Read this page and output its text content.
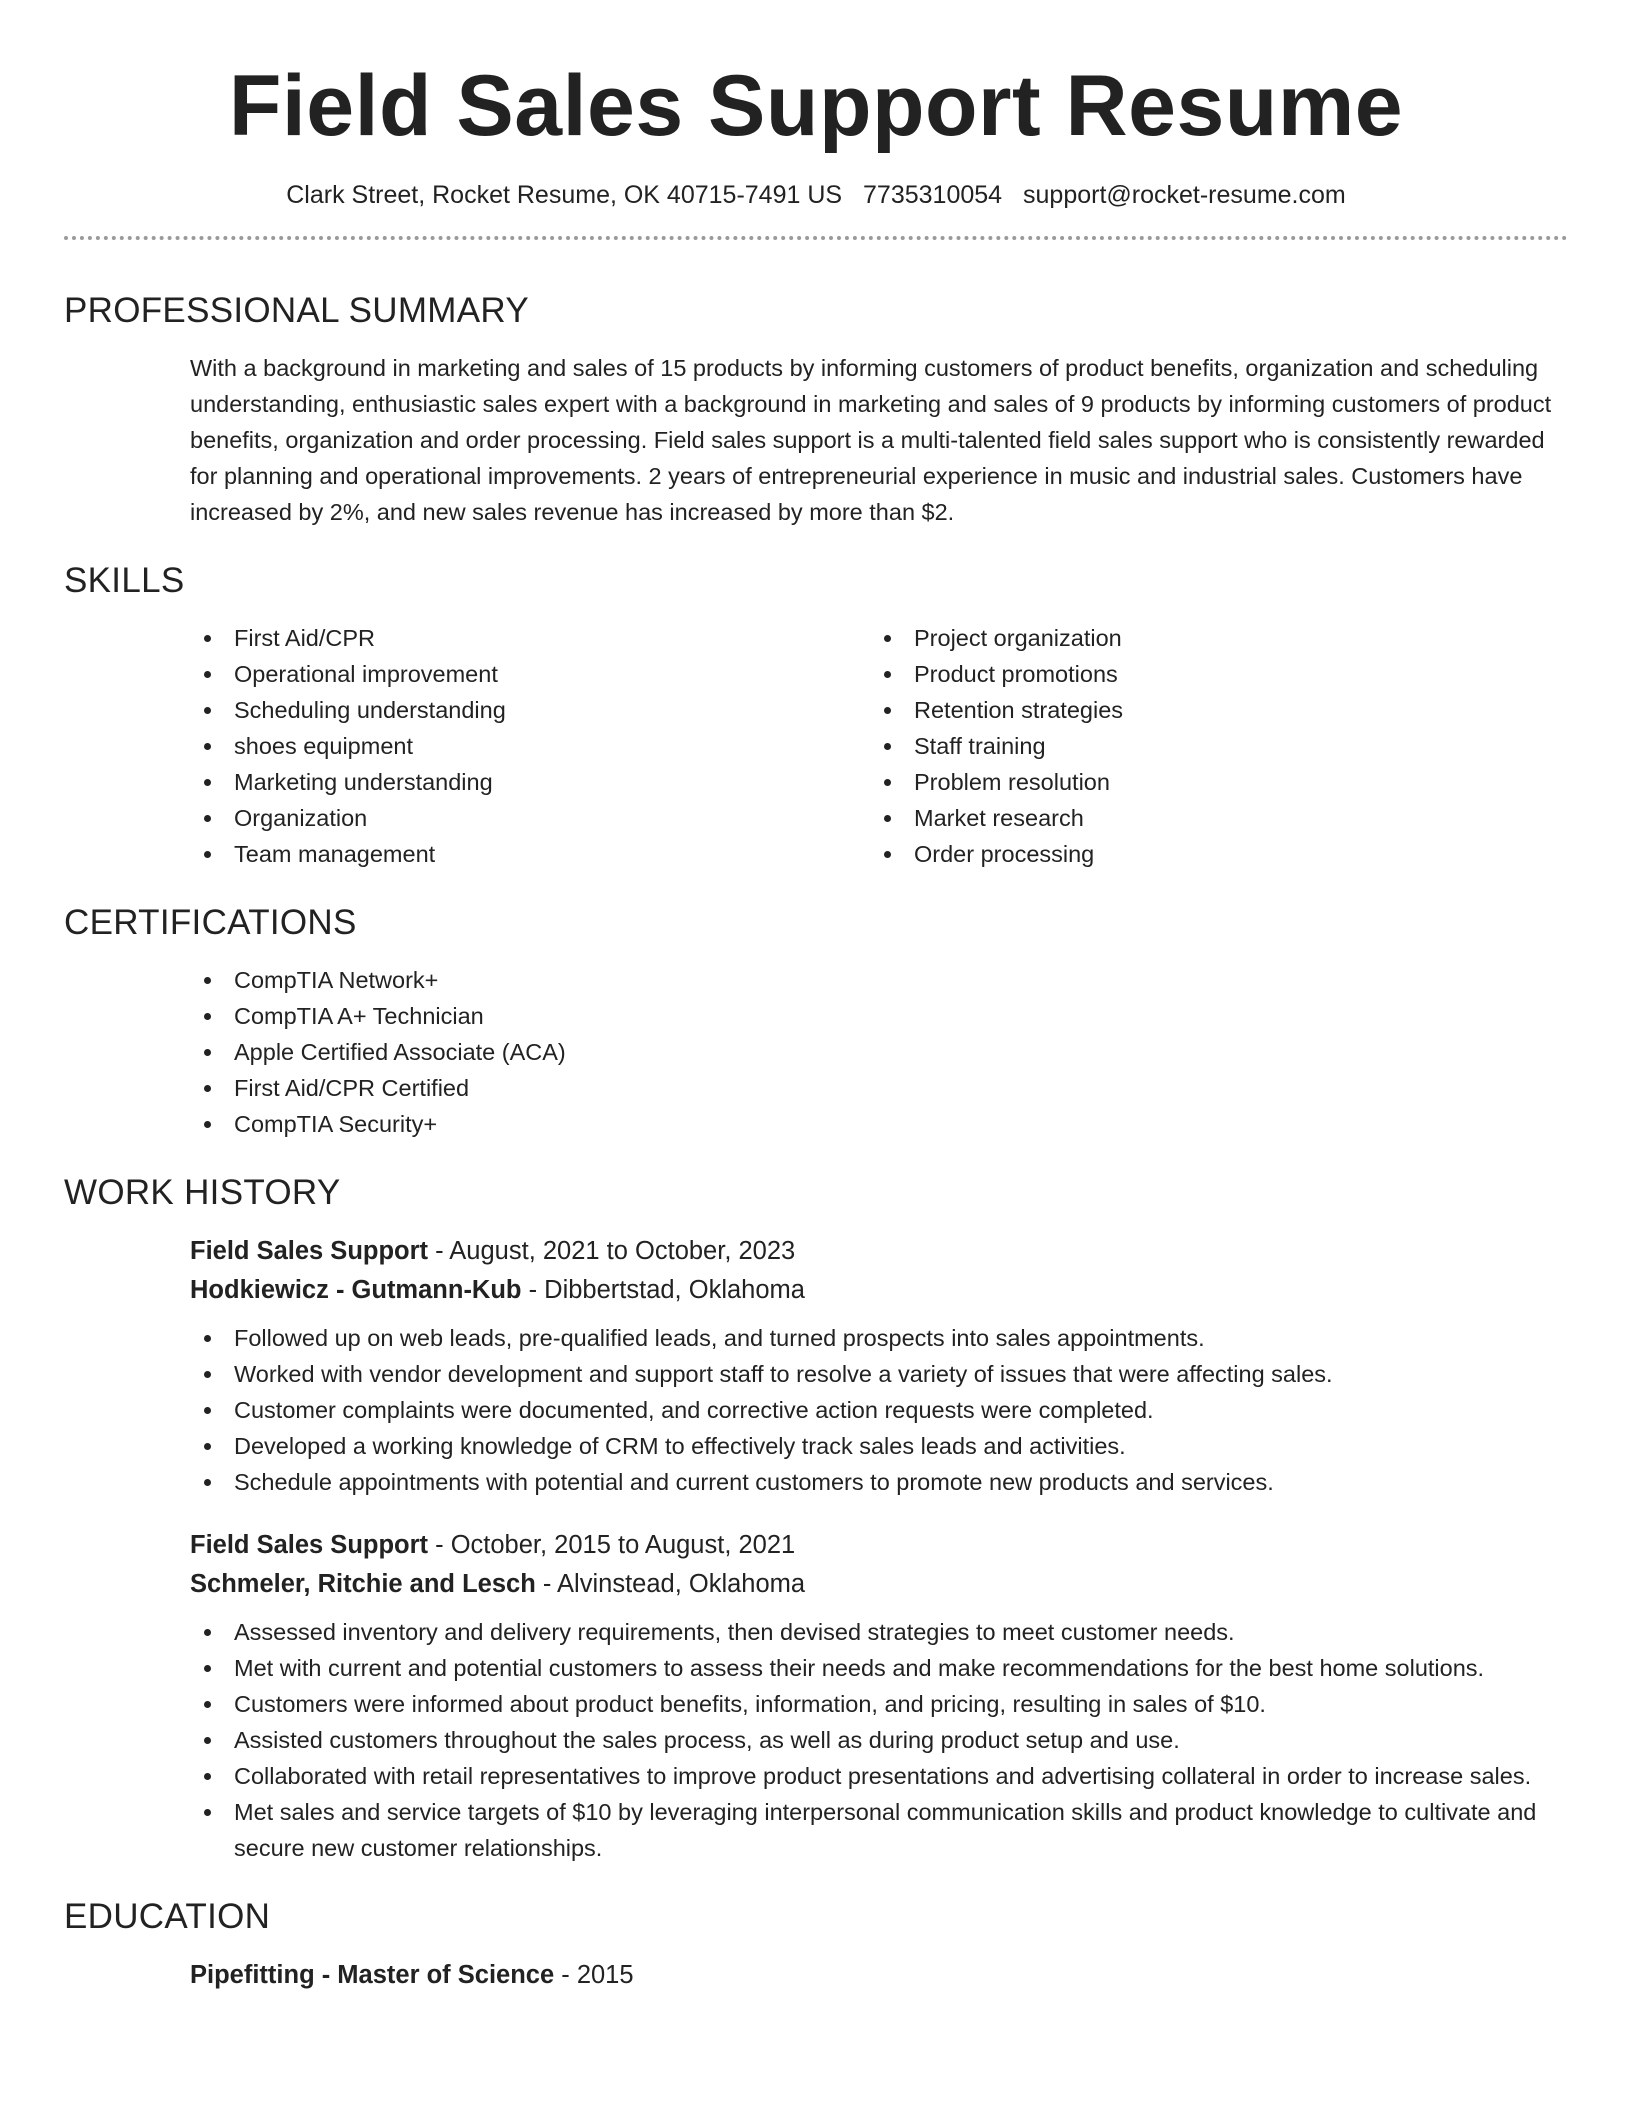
Field Sales Support Resume
Clark Street, Rocket Resume, OK 40715-7491 US 7735310054 support@rocket-resume.com
PROFESSIONAL SUMMARY
With a background in marketing and sales of 15 products by informing customers of product benefits, organization and scheduling understanding, enthusiastic sales expert with a background in marketing and sales of 9 products by informing customers of product benefits, organization and order processing. Field sales support is a multi-talented field sales support who is consistently rewarded for planning and operational improvements. 2 years of entrepreneurial experience in music and industrial sales. Customers have increased by 2%, and new sales revenue has increased by more than $2.
SKILLS
First Aid/CPR
Operational improvement
Scheduling understanding
shoes equipment
Marketing understanding
Organization
Team management
Project organization
Product promotions
Retention strategies
Staff training
Problem resolution
Market research
Order processing
CERTIFICATIONS
CompTIA Network+
CompTIA A+ Technician
Apple Certified Associate (ACA)
First Aid/CPR Certified
CompTIA Security+
WORK HISTORY
Field Sales Support - August, 2021 to October, 2023
Hodkiewicz - Gutmann-Kub - Dibbertstad, Oklahoma
Followed up on web leads, pre-qualified leads, and turned prospects into sales appointments.
Worked with vendor development and support staff to resolve a variety of issues that were affecting sales.
Customer complaints were documented, and corrective action requests were completed.
Developed a working knowledge of CRM to effectively track sales leads and activities.
Schedule appointments with potential and current customers to promote new products and services.
Field Sales Support - October, 2015 to August, 2021
Schmeler, Ritchie and Lesch - Alvinstead, Oklahoma
Assessed inventory and delivery requirements, then devised strategies to meet customer needs.
Met with current and potential customers to assess their needs and make recommendations for the best home solutions.
Customers were informed about product benefits, information, and pricing, resulting in sales of $10.
Assisted customers throughout the sales process, as well as during product setup and use.
Collaborated with retail representatives to improve product presentations and advertising collateral in order to increase sales.
Met sales and service targets of $10 by leveraging interpersonal communication skills and product knowledge to cultivate and secure new customer relationships.
EDUCATION
Pipefitting - Master of Science - 2015
